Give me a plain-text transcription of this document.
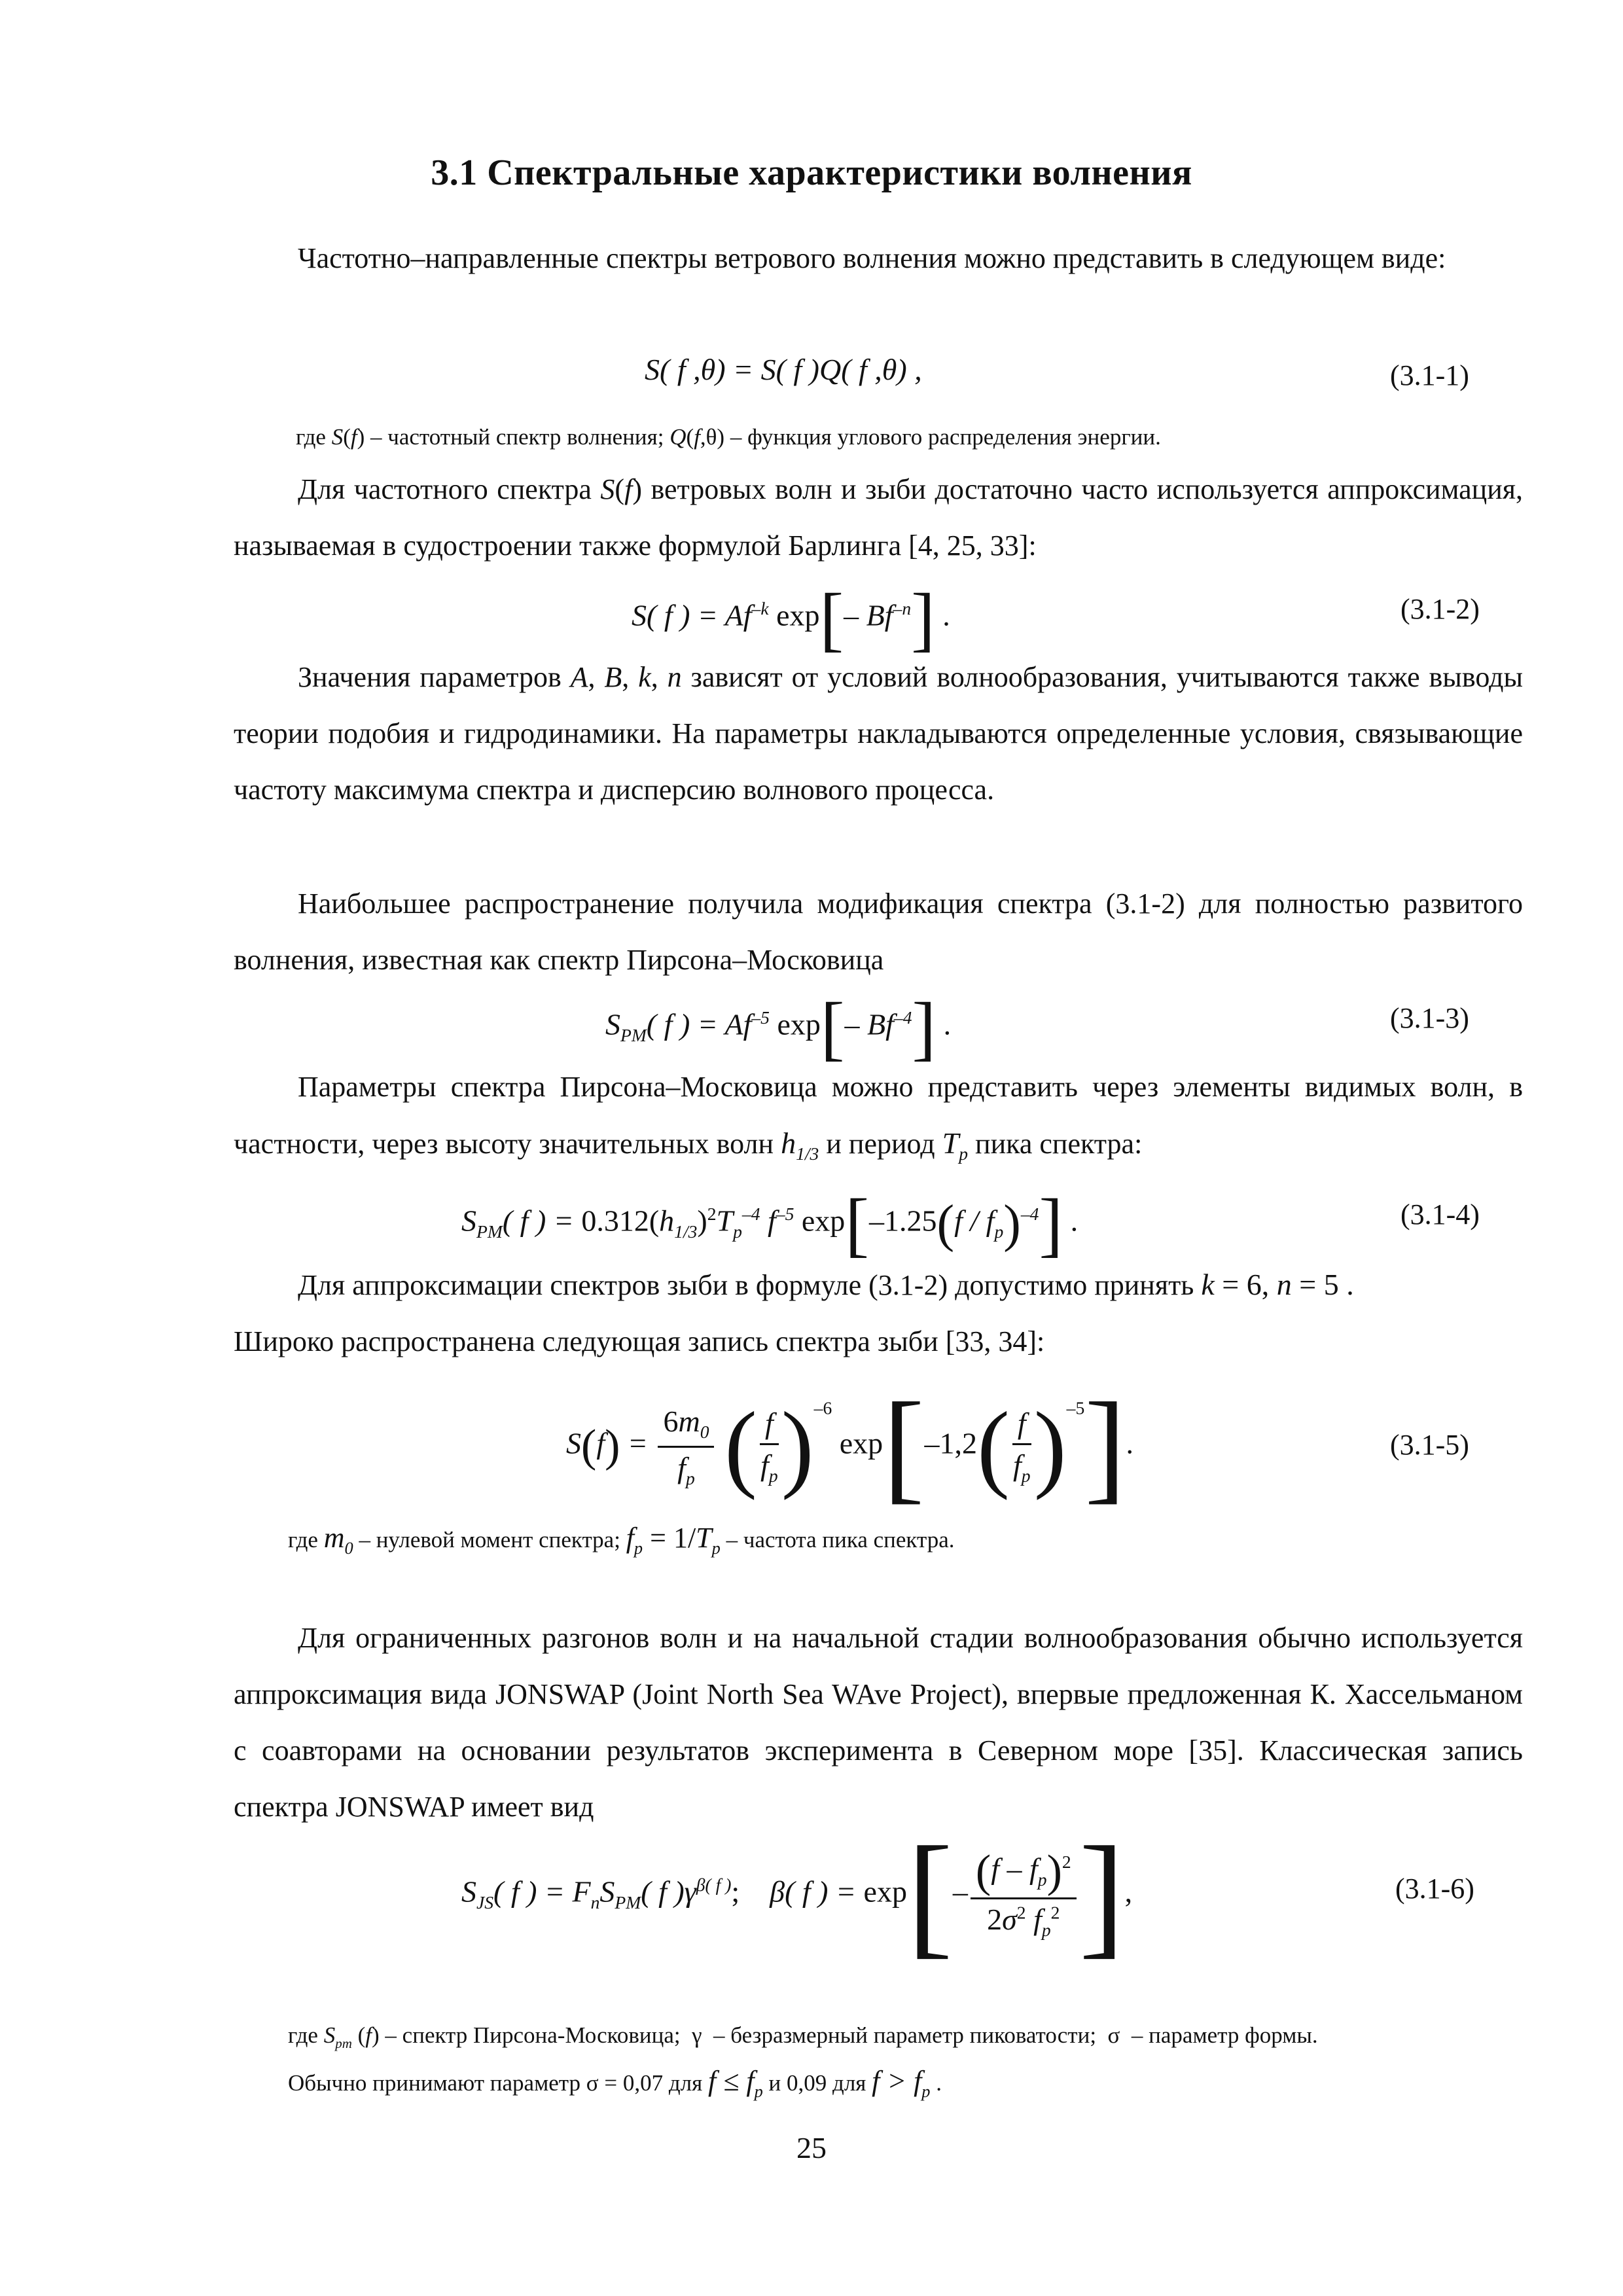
3.1 Спектральные характеристики волнения
Частотно–направленные спектры ветрового волнения можно представить в следующем виде:
S( f ,θ) = S( f )Q( f ,θ) ,	(3.1-1)
где S(f) – частотный спектр волнения; Q(f,θ) – функция углового распределения энергии.
Для частотного спектра S(f) ветровых волн и зыби достаточно часто используется аппроксимация, называемая в судостроении также формулой Барлинга [4, 25, 33]:
S( f ) = $Af^{-k}$ exp[– $Bf^{-n}$] .	(3.1-2)
Значения параметров A, B, k, n зависят от условий волнообразования, учитываются также выводы теории подобия и гидродинамики. На параметры накладываются определенные условия, связывающие частоту максимума спектра и дисперсию волнового процесса.
Наибольшее распространение получила модификация спектра (3.1-2) для полностью развитого волнения, известная как спектр Пирсона–Московица
$S_{PM}$( f ) = $Af^{-5}$ exp[– $Bf^{-4}$] .	(3.1-3)
Параметры спектра Пирсона–Московица можно представить через элементы видимых волн, в частности, через высоту значительных волн $h_{1/3}$ и период $T_p$ пика спектра:
$S_{PM}$( f ) = $0.312(h_{1/3})^2T_p^{-4}$ $f^{-5}$ $\exp[-1.25(f / f_p)^{-4}]$ .	(3.1-4)
Для аппроксимации спектров зыби в формуле (3.1-2) допустимо принять k = 6, n = 5 .
Широко распространена следующая запись спектра зыби [33, 34]:
$S(f) = \frac{6m_0}{f_p}$ ( $\frac{f}{f_p} )^{-6}$ $\exp[-1,2( \frac{f}{f_p} )^{-5}]$.	(3.1-5)
где $m_0$ – нулевой момент спектра; $f_p = 1/T_p$ – частота пика спектра.
Для ограниченных разгонов волн и на начальной стадии волнообразования обычно используется аппроксимация вида JONSWAP (Joint North Sea WAve Project), впервые предложенная К. Хассельманом с соавторами на основании результатов эксперимента в Северном море [35]. Классическая запись спектра JONSWAP имеет вид
$S_{JS}$( f ) = $F_nS_{PM}$( f )$\gamma^{\beta( f )}$;    β( f ) = $\exp[- \frac{(f - f_p)^2}{2\sigma^2 f_p^2}$ ],	(3.1-6)
где $S_{pm}$ (f) – спектр Пирсона-Московица;  γ  – безразмерный параметр пиковатости;  σ  – параметр формы.
Обычно принимают параметр σ = 0,07 для $f \le f_p$ и 0,09 для $f > f_p$ .
25
